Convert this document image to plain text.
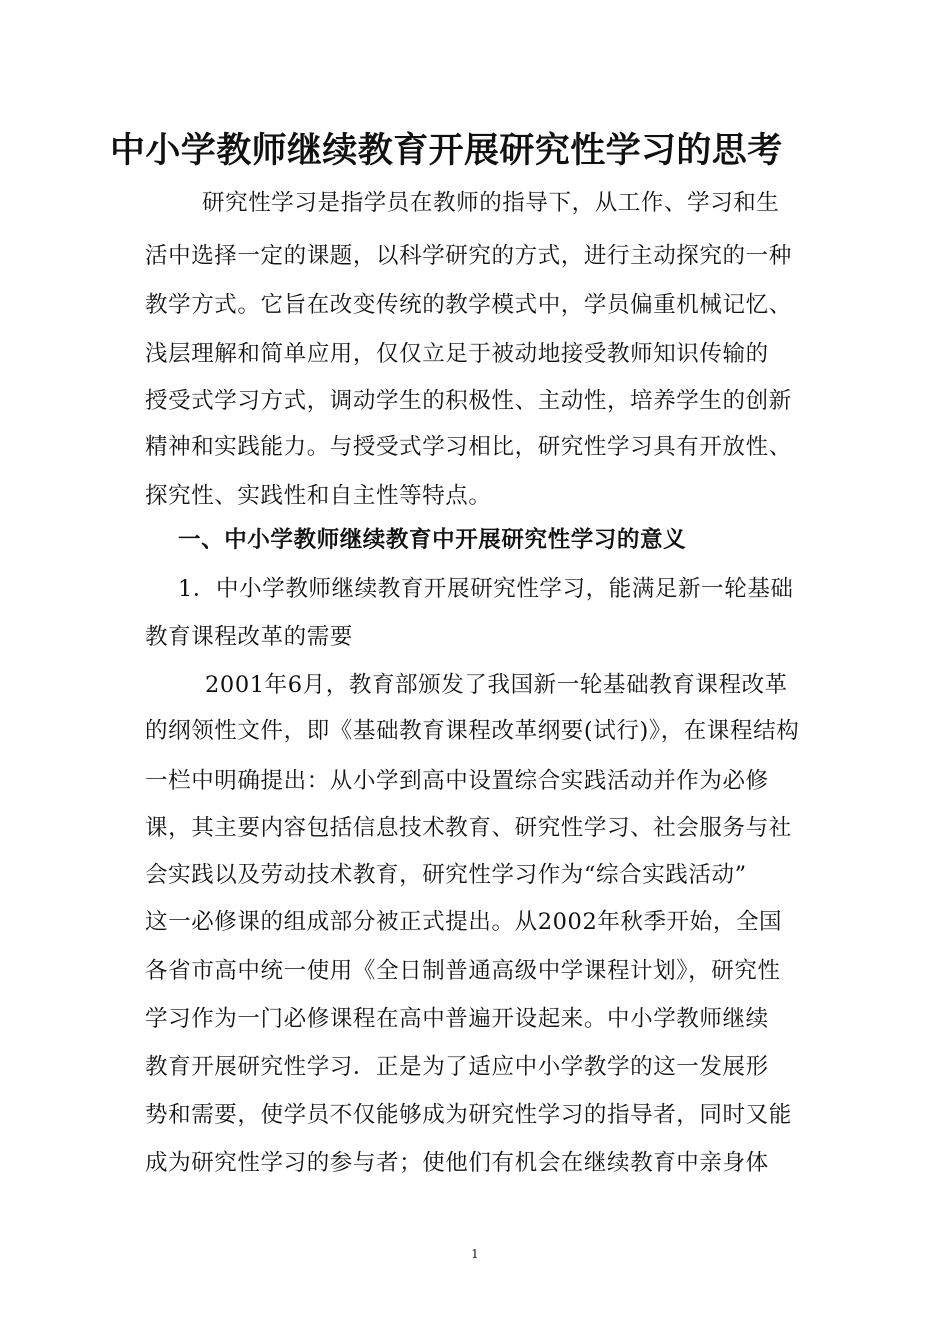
中小学教师继续教育开展研究性学习的思考
研究性学习是指学员在教师的指导下，从工作、学习和生
活中选择一定的课题，以科学研究的方式，进行主动探究的一种
教学方式。它旨在改变传统的教学模式中，学员偏重机械记忆、
浅层理解和简单应用，仅仅立足于被动地接受教师知识传输的
授受式学习方式，调动学生的积极性、主动性，培养学生的创新
精神和实践能力。与授受式学习相比，研究性学习具有开放性、
探究性、实践性和自主性等特点。
一、中小学教师继续教育中开展研究性学习的意义
1．中小学教师继续教育开展研究性学习，能满足新一轮基础
教育课程改革的需要
2001年6月，教育部颁发了我国新一轮基础教育课程改革
的纲领性文件，即《基础教育课程改革纲要(试行)》，在课程结构
一栏中明确提出：从小学到高中设置综合实践活动并作为必修
课，其主要内容包括信息技术教育、研究性学习、社会服务与社
会实践以及劳动技术教育，研究性学习作为“综合实践活动”
这一必修课的组成部分被正式提出。从2002年秋季开始，全国
各省市高中统一使用《全日制普通高级中学课程计划》，研究性
学习作为一门必修课程在高中普遍开设起来。中小学教师继续
教育开展研究性学习．正是为了适应中小学教学的这一发展形
势和需要，使学员不仅能够成为研究性学习的指导者，同时又能
成为研究性学习的参与者；使他们有机会在继续教育中亲身体
1
